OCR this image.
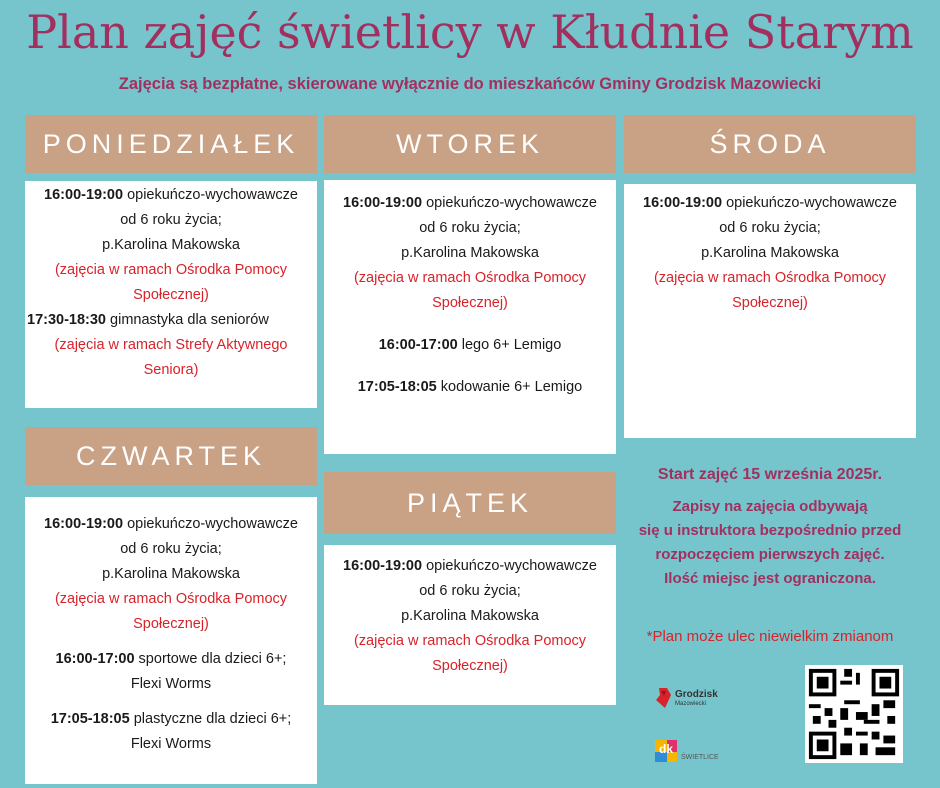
Plan zajęć świetlicy w Kłudnie Starym
Zajęcia są bezpłatne, skierowane wyłącznie do mieszkańców Gminy Grodzisk Mazowiecki
PONIEDZIAŁEK	WTOREK	ŚRODA
CZWARTEK
PIĄTEK
16:00-19:00 opiekuńczo-wychowawcze
od 6 roku życia;
p.Karolina Makowska
(zajęcia w ramach Ośrodka Pomocy
Społecznej)
17:30-18:30 gimnastyka dla seniorów
(zajęcia w ramach Strefy Aktywnego
Seniora)
16:00-19:00 opiekuńczo-wychowawcze
od 6 roku życia;
p.Karolina Makowska
(zajęcia w ramach Ośrodka Pomocy
Społecznej)
16:00-17:00 lego 6+ Lemigo
17:05-18:05 kodowanie 6+ Lemigo
16:00-19:00 opiekuńczo-wychowawcze
od 6 roku życia;
p.Karolina Makowska
(zajęcia w ramach Ośrodka Pomocy
Społecznej)
16:00-19:00 opiekuńczo-wychowawcze
od 6 roku życia;
p.Karolina Makowska
(zajęcia w ramach Ośrodka Pomocy
Społecznej)
16:00-17:00 sportowe dla dzieci 6+;
Flexi Worms
17:05-18:05 plastyczne dla dzieci 6+;
Flexi Worms
16:00-19:00 opiekuńczo-wychowawcze
od 6 roku życia;
p.Karolina Makowska
(zajęcia w ramach Ośrodka Pomocy
Społecznej)
Start zajęć 15 września 2025r.
Zapisy na zajęcia odbywają
się u instruktora bezpośrednio przed
rozpoczęciem pierwszych zajęć.
Ilość miejsc jest ograniczona.
*Plan może ulec niewielkim zmianom
Grodzisk
Mazowiecki
dk
ŚWIETLICE
